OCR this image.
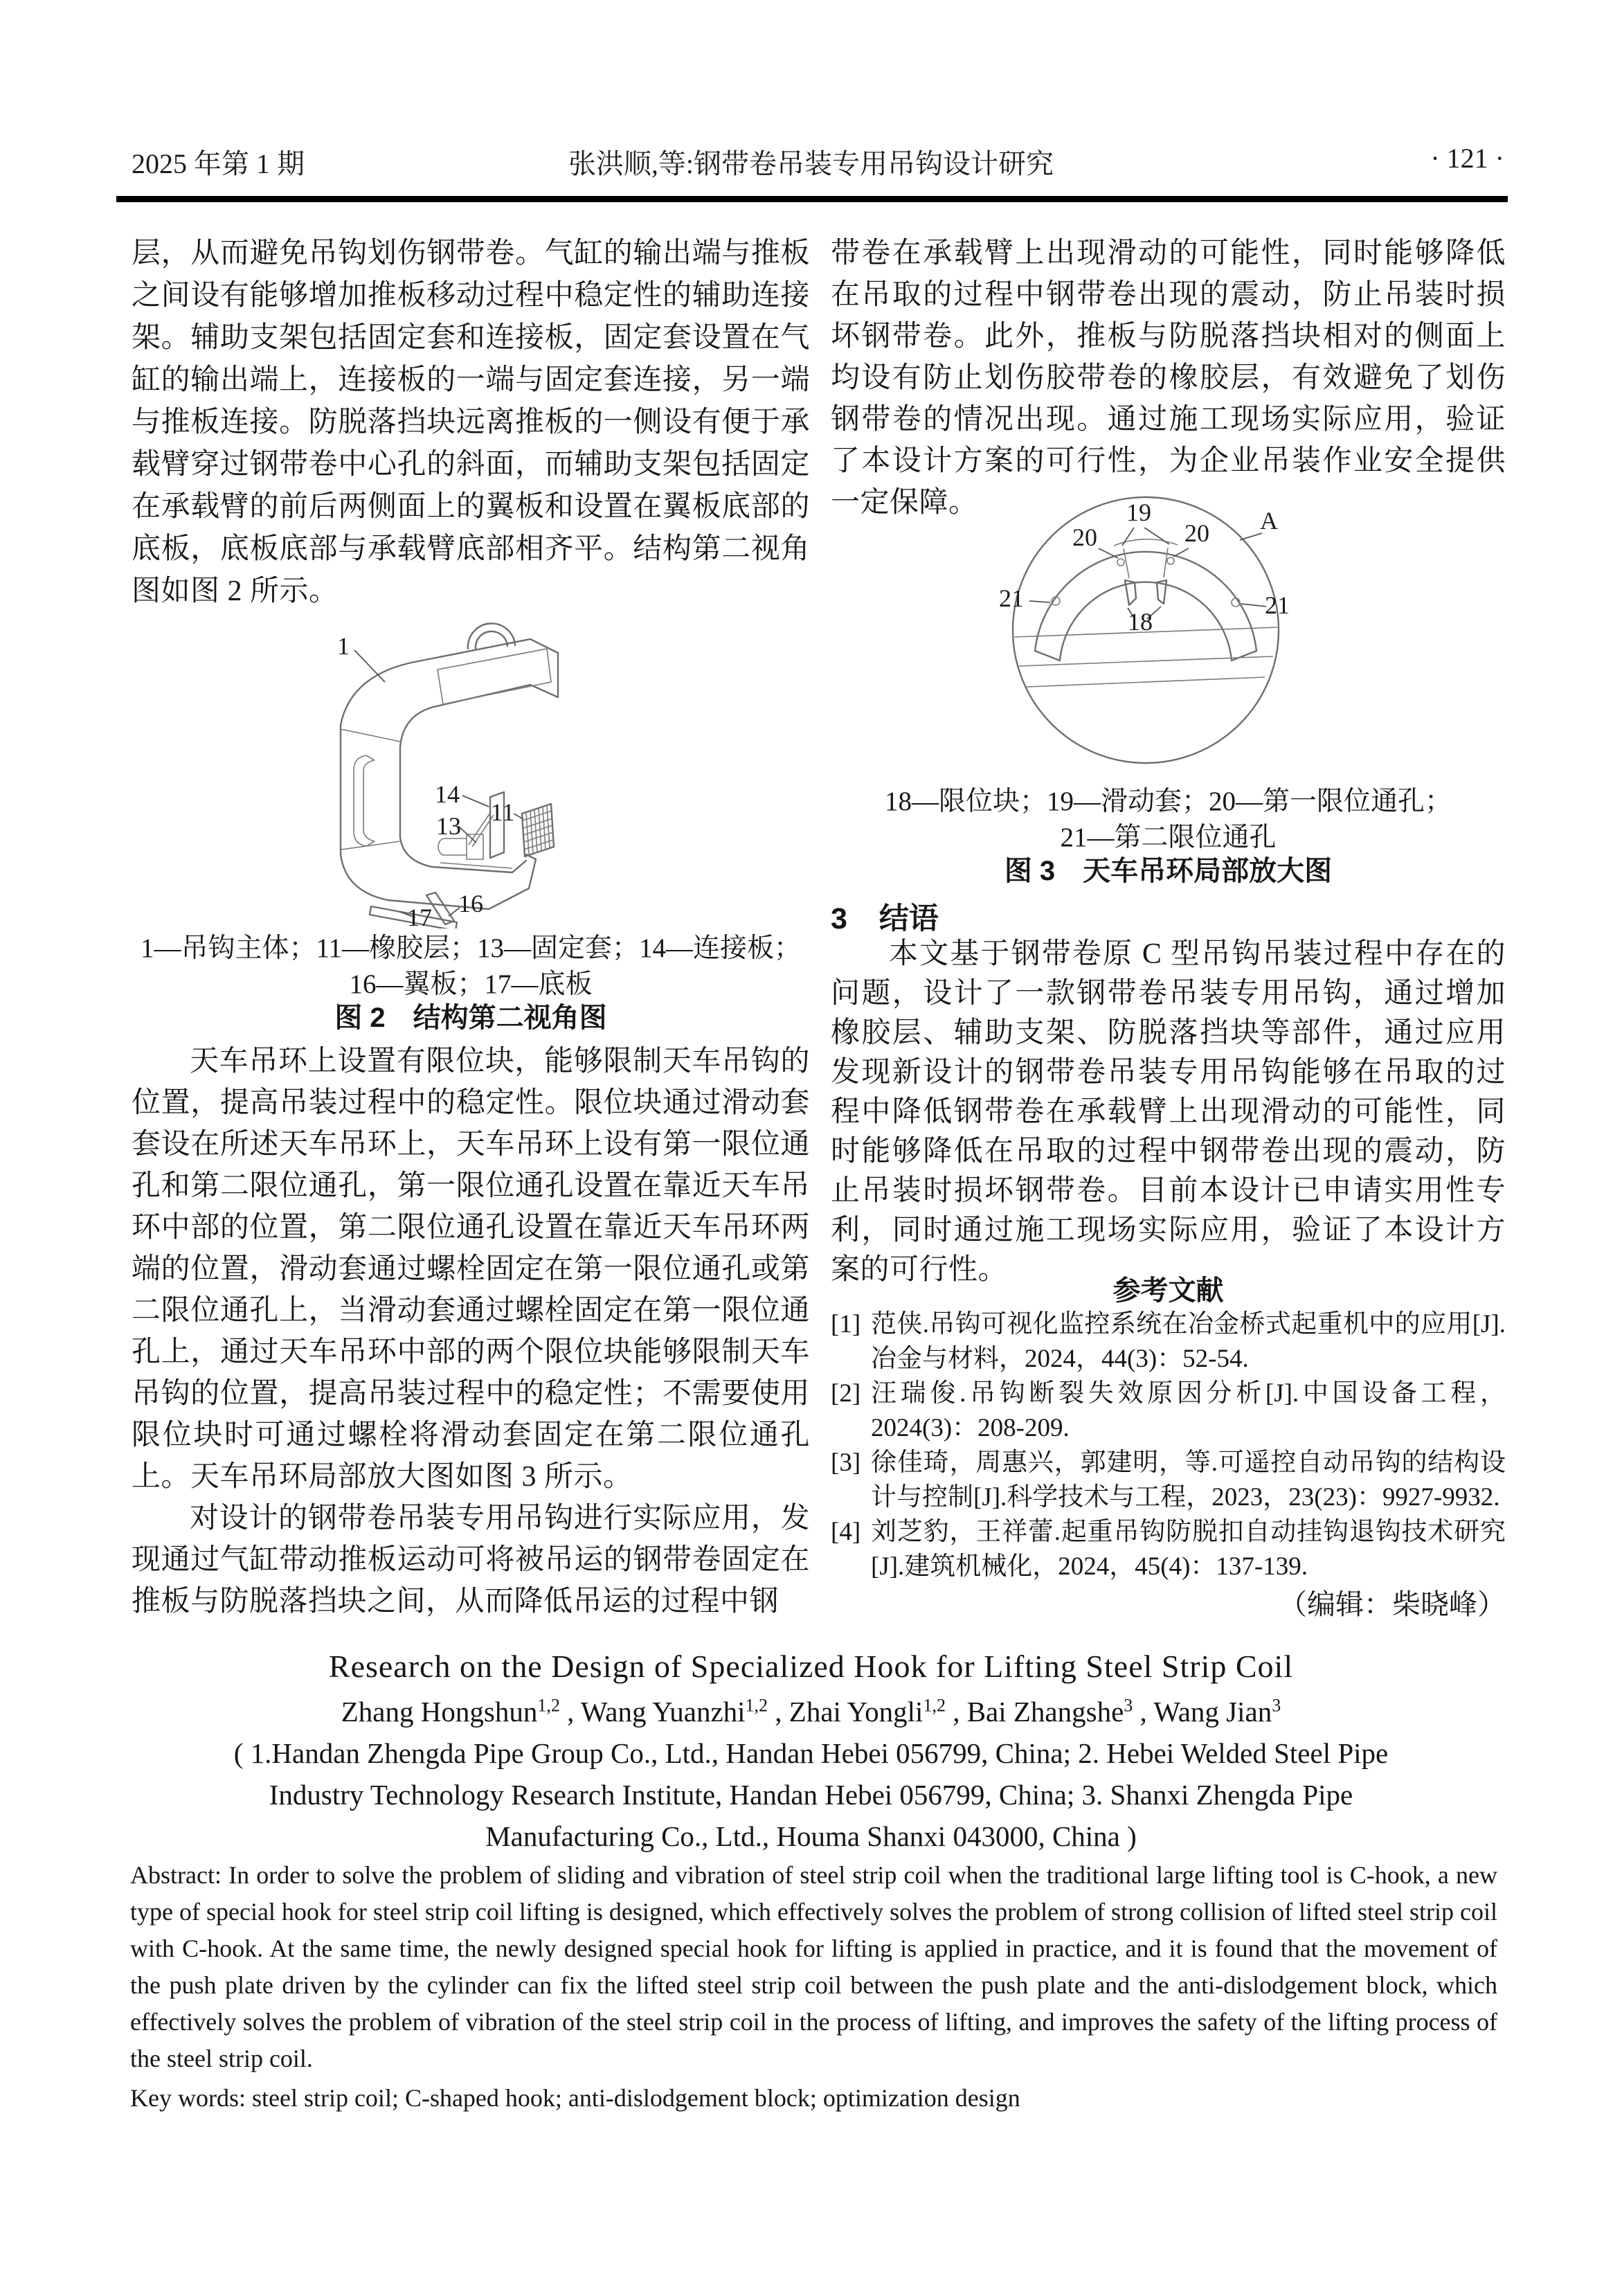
2025 年第 1 期	张洪顺,等:钢带卷吊装专用吊钩设计研究	· 121 ·
层，从而避免吊钩划伤钢带卷。气缸的输出端与推板之间设有能够增加推板移动过程中稳定性的辅助连接架。辅助支架包括固定套和连接板，固定套设置在气缸的输出端上，连接板的一端与固定套连接，另一端与推板连接。防脱落挡块远离推板的一侧设有便于承载臂穿过钢带卷中心孔的斜面，而辅助支架包括固定在承载臂的前后两侧面上的翼板和设置在翼板底部的底板，底板底部与承载臂底部相齐平。结构第二视角图如图 2 所示。
1
14
13 11
16
17
1—吊钩主体；11—橡胶层；13—固定套；14—连接板；
16—翼板；17—底板
图 2　结构第二视角图
天车吊环上设置有限位块，能够限制天车吊钩的位置，提高吊装过程中的稳定性。限位块通过滑动套套设在所述天车吊环上，天车吊环上设有第一限位通孔和第二限位通孔，第一限位通孔设置在靠近天车吊环中部的位置，第二限位通孔设置在靠近天车吊环两端的位置，滑动套通过螺栓固定在第一限位通孔或第二限位通孔上，当滑动套通过螺栓固定在第一限位通孔上，通过天车吊环中部的两个限位块能够限制天车吊钩的位置，提高吊装过程中的稳定性；不需要使用限位块时可通过螺栓将滑动套固定在第二限位通孔上。天车吊环局部放大图如图 3 所示。
对设计的钢带卷吊装专用吊钩进行实际应用，发现通过气缸带动推板运动可将被吊运的钢带卷固定在推板与防脱落挡块之间，从而降低吊运的过程中钢
带卷在承载臂上出现滑动的可能性，同时能够降低在吊取的过程中钢带卷出现的震动，防止吊装时损坏钢带卷。此外，推板与防脱落挡块相对的侧面上均设有防止划伤胶带卷的橡胶层，有效避免了划伤钢带卷的情况出现。通过施工现场实际应用，验证了本设计方案的可行性，为企业吊装作业安全提供一定保障。	19
20	20 A
21	21
18
18—限位块；19—滑动套；20—第一限位通孔；
21—第二限位通孔
图 3　天车吊环局部放大图
3 结语
本文基于钢带卷原 C 型吊钩吊装过程中存在的问题，设计了一款钢带卷吊装专用吊钩，通过增加橡胶层、辅助支架、防脱落挡块等部件，通过应用发现新设计的钢带卷吊装专用吊钩能够在吊取的过程中降低钢带卷在承载臂上出现滑动的可能性，同时能够降低在吊取的过程中钢带卷出现的震动，防止吊装时损坏钢带卷。目前本设计已申请实用性专利，同时通过施工现场实际应用，验证了本设计方案的可行性。
参考文献
[1] 范侠.吊钩可视化监控系统在冶金桥式起重机中的应用[J].冶金与材料，2024，44(3)：52-54.
[2] 汪瑞俊.吊钩断裂失效原因分析[J].中国设备工程，2024(3)：208-209.
[3] 徐佳琦，周惠兴，郭建明，等.可遥控自动吊钩的结构设计与控制[J].科学技术与工程，2023，23(23)：9927-9932.
[4] 刘芝豹，王祥蕾.起重吊钩防脱扣自动挂钩退钩技术研究[J].建筑机械化，2024，45(4)：137-139.
（编辑：柴晓峰）
Research on the Design of Specialized Hook for Lifting Steel Strip Coil
Zhang Hongshun$^{1,2}$ , Wang Yuanzhi$^{1,2}$ , Zhai Yongli$^{1,2}$ , Bai Zhangshe$^3$ , Wang Jian$^3$
( 1.Handan Zhengda Pipe Group Co., Ltd., Handan Hebei 056799, China; 2. Hebei Welded Steel Pipe
Industry Technology Research Institute, Handan Hebei 056799, China; 3. Shanxi Zhengda Pipe
Manufacturing Co., Ltd., Houma Shanxi 043000, China )
Abstract: In order to solve the problem of sliding and vibration of steel strip coil when the traditional large lifting tool is C-hook, a new type of special hook for steel strip coil lifting is designed, which effectively solves the problem of strong collision of lifted steel strip coil with C-hook. At the same time, the newly designed special hook for lifting is applied in practice, and it is found that the movement of the push plate driven by the cylinder can fix the lifted steel strip coil between the push plate and the anti-dislodgement block, which effectively solves the problem of vibration of the steel strip coil in the process of lifting, and improves the safety of the lifting process of the steel strip coil.
Key words: steel strip coil; C-shaped hook; anti-dislodgement block; optimization design
